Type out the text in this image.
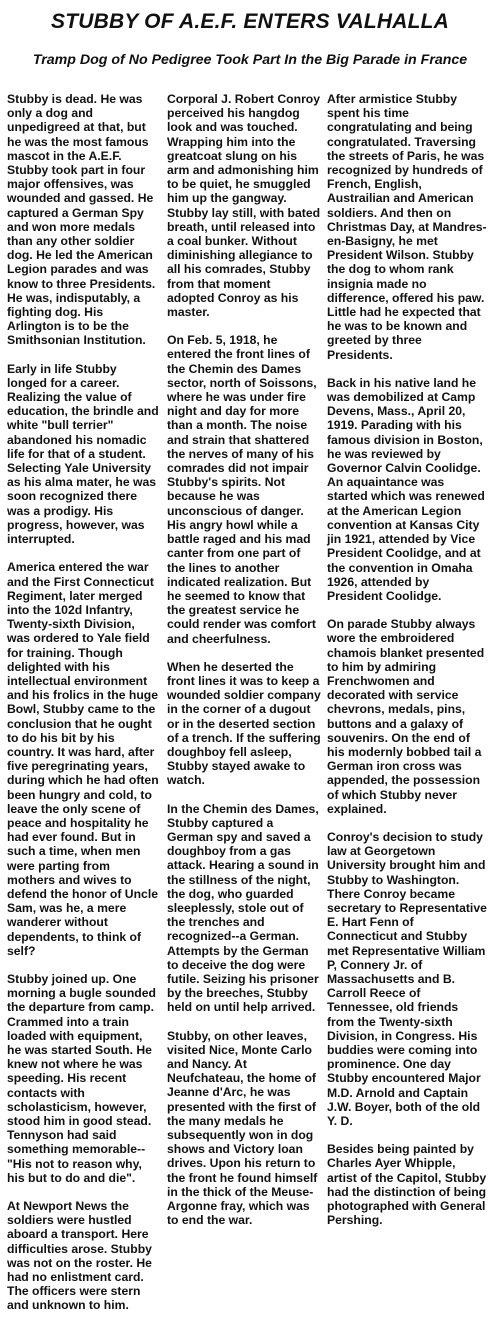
STUBBY OF A.E.F. ENTERS VALHALLA
Tramp Dog of No Pedigree Took Part In the Big Parade in France

Stubby is dead. He was only a dog and unpedigreed at that, but he was the most famous mascot in the A.E.F. Stubby took part in four major offensives, was wounded and gassed. He captured a German Spy and won more medals than any other soldier dog. He led the American Legion parades and was know to three Presidents. He was, indisputably, a fighting dog. His Arlington is to be the Smithsonian Institution.

Early in life Stubby longed for a career. Realizing the value of education, the brindle and white "bull terrier" abandoned his nomadic life for that of a student. Selecting Yale University as his alma mater, he was soon recognized there was a prodigy. His progress, however, was interrupted.

America entered the war and the First Connecticut Regiment, later merged into the 102d Infantry, Twenty-sixth Division, was ordered to Yale field for training. Though delighted with his intellectual environment and his frolics in the huge Bowl, Stubby came to the conclusion that he ought to do his bit by his country. It was hard, after five peregrinating years, during which he had often been hungry and cold, to leave the only scene of peace and hospitality he had ever found. But in such a time, when men were parting from mothers and wives to defend the honor of Uncle Sam, was he, a mere wanderer without dependents, to think of self?

Stubby joined up. One morning a bugle sounded the departure from camp. Crammed into a train loaded with equipment, he was started South. He knew not where he was speeding. His recent contacts with scholasticism, however, stood him in good stead. Tennyson had said something memorable--"His not to reason why, his but to do and die".

At Newport News the soldiers were hustled aboard a transport. Here difficulties arose. Stubby was not on the roster. He had no enlistment card. The officers were stern and unknown to him.

Corporal J. Robert Conroy perceived his hangdog look and was touched. Wrapping him into the greatcoat slung on his arm and admonishing him to be quiet, he smuggled him up the gangway. Stubby lay still, with bated breath, until released into a coal bunker. Without diminishing allegiance to all his comrades, Stubby from that moment adopted Conroy as his master.

On Feb. 5, 1918, he entered the front lines of the Chemin des Dames sector, north of Soissons, where he was under fire night and day for more than a month. The noise and strain that shattered the nerves of many of his comrades did not impair Stubby's spirits. Not because he was unconscious of danger. His angry howl while a battle raged and his mad canter from one part of the lines to another indicated realization. But he seemed to know that the greatest service he could render was comfort and cheerfulness.

When he deserted the front lines it was to keep a wounded soldier company in the corner of a dugout or in the deserted section of a trench. If the suffering doughboy fell asleep, Stubby stayed awake to watch.

In the Chemin des Dames, Stubby captured a German spy and saved a doughboy from a gas attack. Hearing a sound in the stillness of the night, the dog, who guarded sleeplessly, stole out of the trenches and recognized--a German. Attempts by the German to deceive the dog were futile. Seizing his prisoner by the breeches, Stubby held on until help arrived.

Stubby, on other leaves, visited Nice, Monte Carlo and Nancy. At Neufchateau, the home of Jeanne d'Arc, he was presented with the first of the many medals he subsequently won in dog shows and Victory loan drives. Upon his return to the front he found himself in the thick of the Meuse-Argonne fray, which was to end the war.

After armistice Stubby spent his time congratulating and being congratulated. Traversing the streets of Paris, he was recognized by hundreds of French, English, Austrailian and American soldiers. And then on Christmas Day, at Mandres-en-Basigny, he met President Wilson. Stubby the dog to whom rank insignia made no difference, offered his paw. Little had he expected that he was to be known and greeted by three Presidents.

Back in his native land he was demobilized at Camp Devens, Mass., April 20, 1919. Parading with his famous division in Boston, he was reviewed by Governor Calvin Coolidge. An aquaintance was started which was renewed at the American Legion convention at Kansas City jin 1921, attended by Vice President Coolidge, and at the convention in Omaha 1926, attended by President Coolidge.

On parade Stubby always wore the embroidered chamois blanket presented to him by admiring Frenchwomen and decorated with service chevrons, medals, pins, buttons and a galaxy of souvenirs. On the end of his modernly bobbed tail a German iron cross was appended, the possession of which Stubby never explained.

Conroy's decision to study law at Georgetown University brought him and Stubby to Washington. There Conroy became secretary to Representative E. Hart Fenn of Connecticut and Stubby met Representative William P, Connery Jr. of Massachusetts and B. Carroll Reece of Tennessee, old friends from the Twenty-sixth Division, in Congress. His buddies were coming into prominence. One day Stubby encountered Major M.D. Arnold and Captain J.W. Boyer, both of the old Y. D.

Besides being painted by Charles Ayer Whipple, artist of the Capitol, Stubby had the distinction of being photographed with General Pershing.
